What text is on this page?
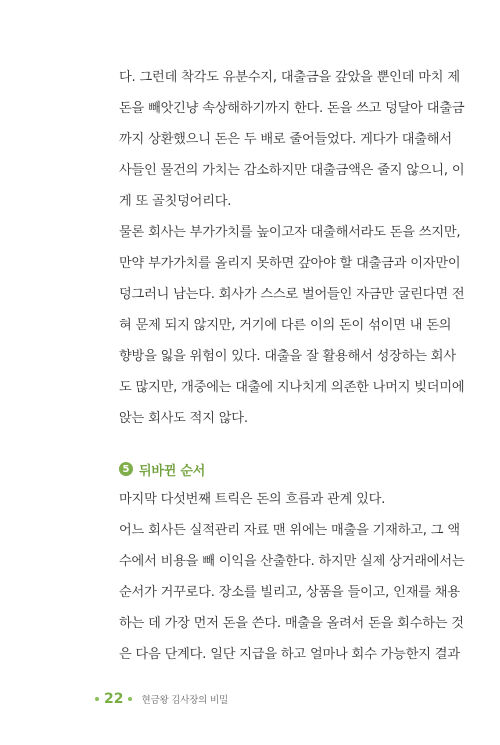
다. 그런데 착각도 유분수지, 대출금을 갚았을 뿐인데 마치 제
돈을 빼앗긴냥 속상해하기까지 한다. 돈을 쓰고 덩달아 대출금
까지 상환했으니 돈은 두 배로 줄어들었다. 게다가 대출해서
사들인 물건의 가치는 감소하지만 대출금액은 줄지 않으니, 이
게 또 골칫덩어리다.
물론 회사는 부가가치를 높이고자 대출해서라도 돈을 쓰지만,
만약 부가가치를 올리지 못하면 갚아야 할 대출금과 이자만이
덩그러니 남는다. 회사가 스스로 벌어들인 자금만 굴린다면 전
혀 문제 되지 않지만, 거기에 다른 이의 돈이 섞이면 내 돈의
향방을 잃을 위험이 있다. 대출을 잘 활용해서 성장하는 회사
도 많지만, 개중에는 대출에 지나치게 의존한 나머지 빚더미에
앉는 회사도 적지 않다.
5 뒤바뀐 순서
마지막 다섯번째 트릭은 돈의 흐름과 관계 있다.
어느 회사든 실적관리 자료 맨 위에는 매출을 기재하고, 그 액
수에서 비용을 빼 이익을 산출한다. 하지만 실제 상거래에서는
순서가 거꾸로다. 장소를 빌리고, 상품을 들이고, 인재를 채용
하는 데 가장 먼저 돈을 쓴다. 매출을 올려서 돈을 회수하는 것
은 다음 단계다. 일단 지급을 하고 얼마나 회수 가능한지 결과
22 현금왕 김사장의 비밀
